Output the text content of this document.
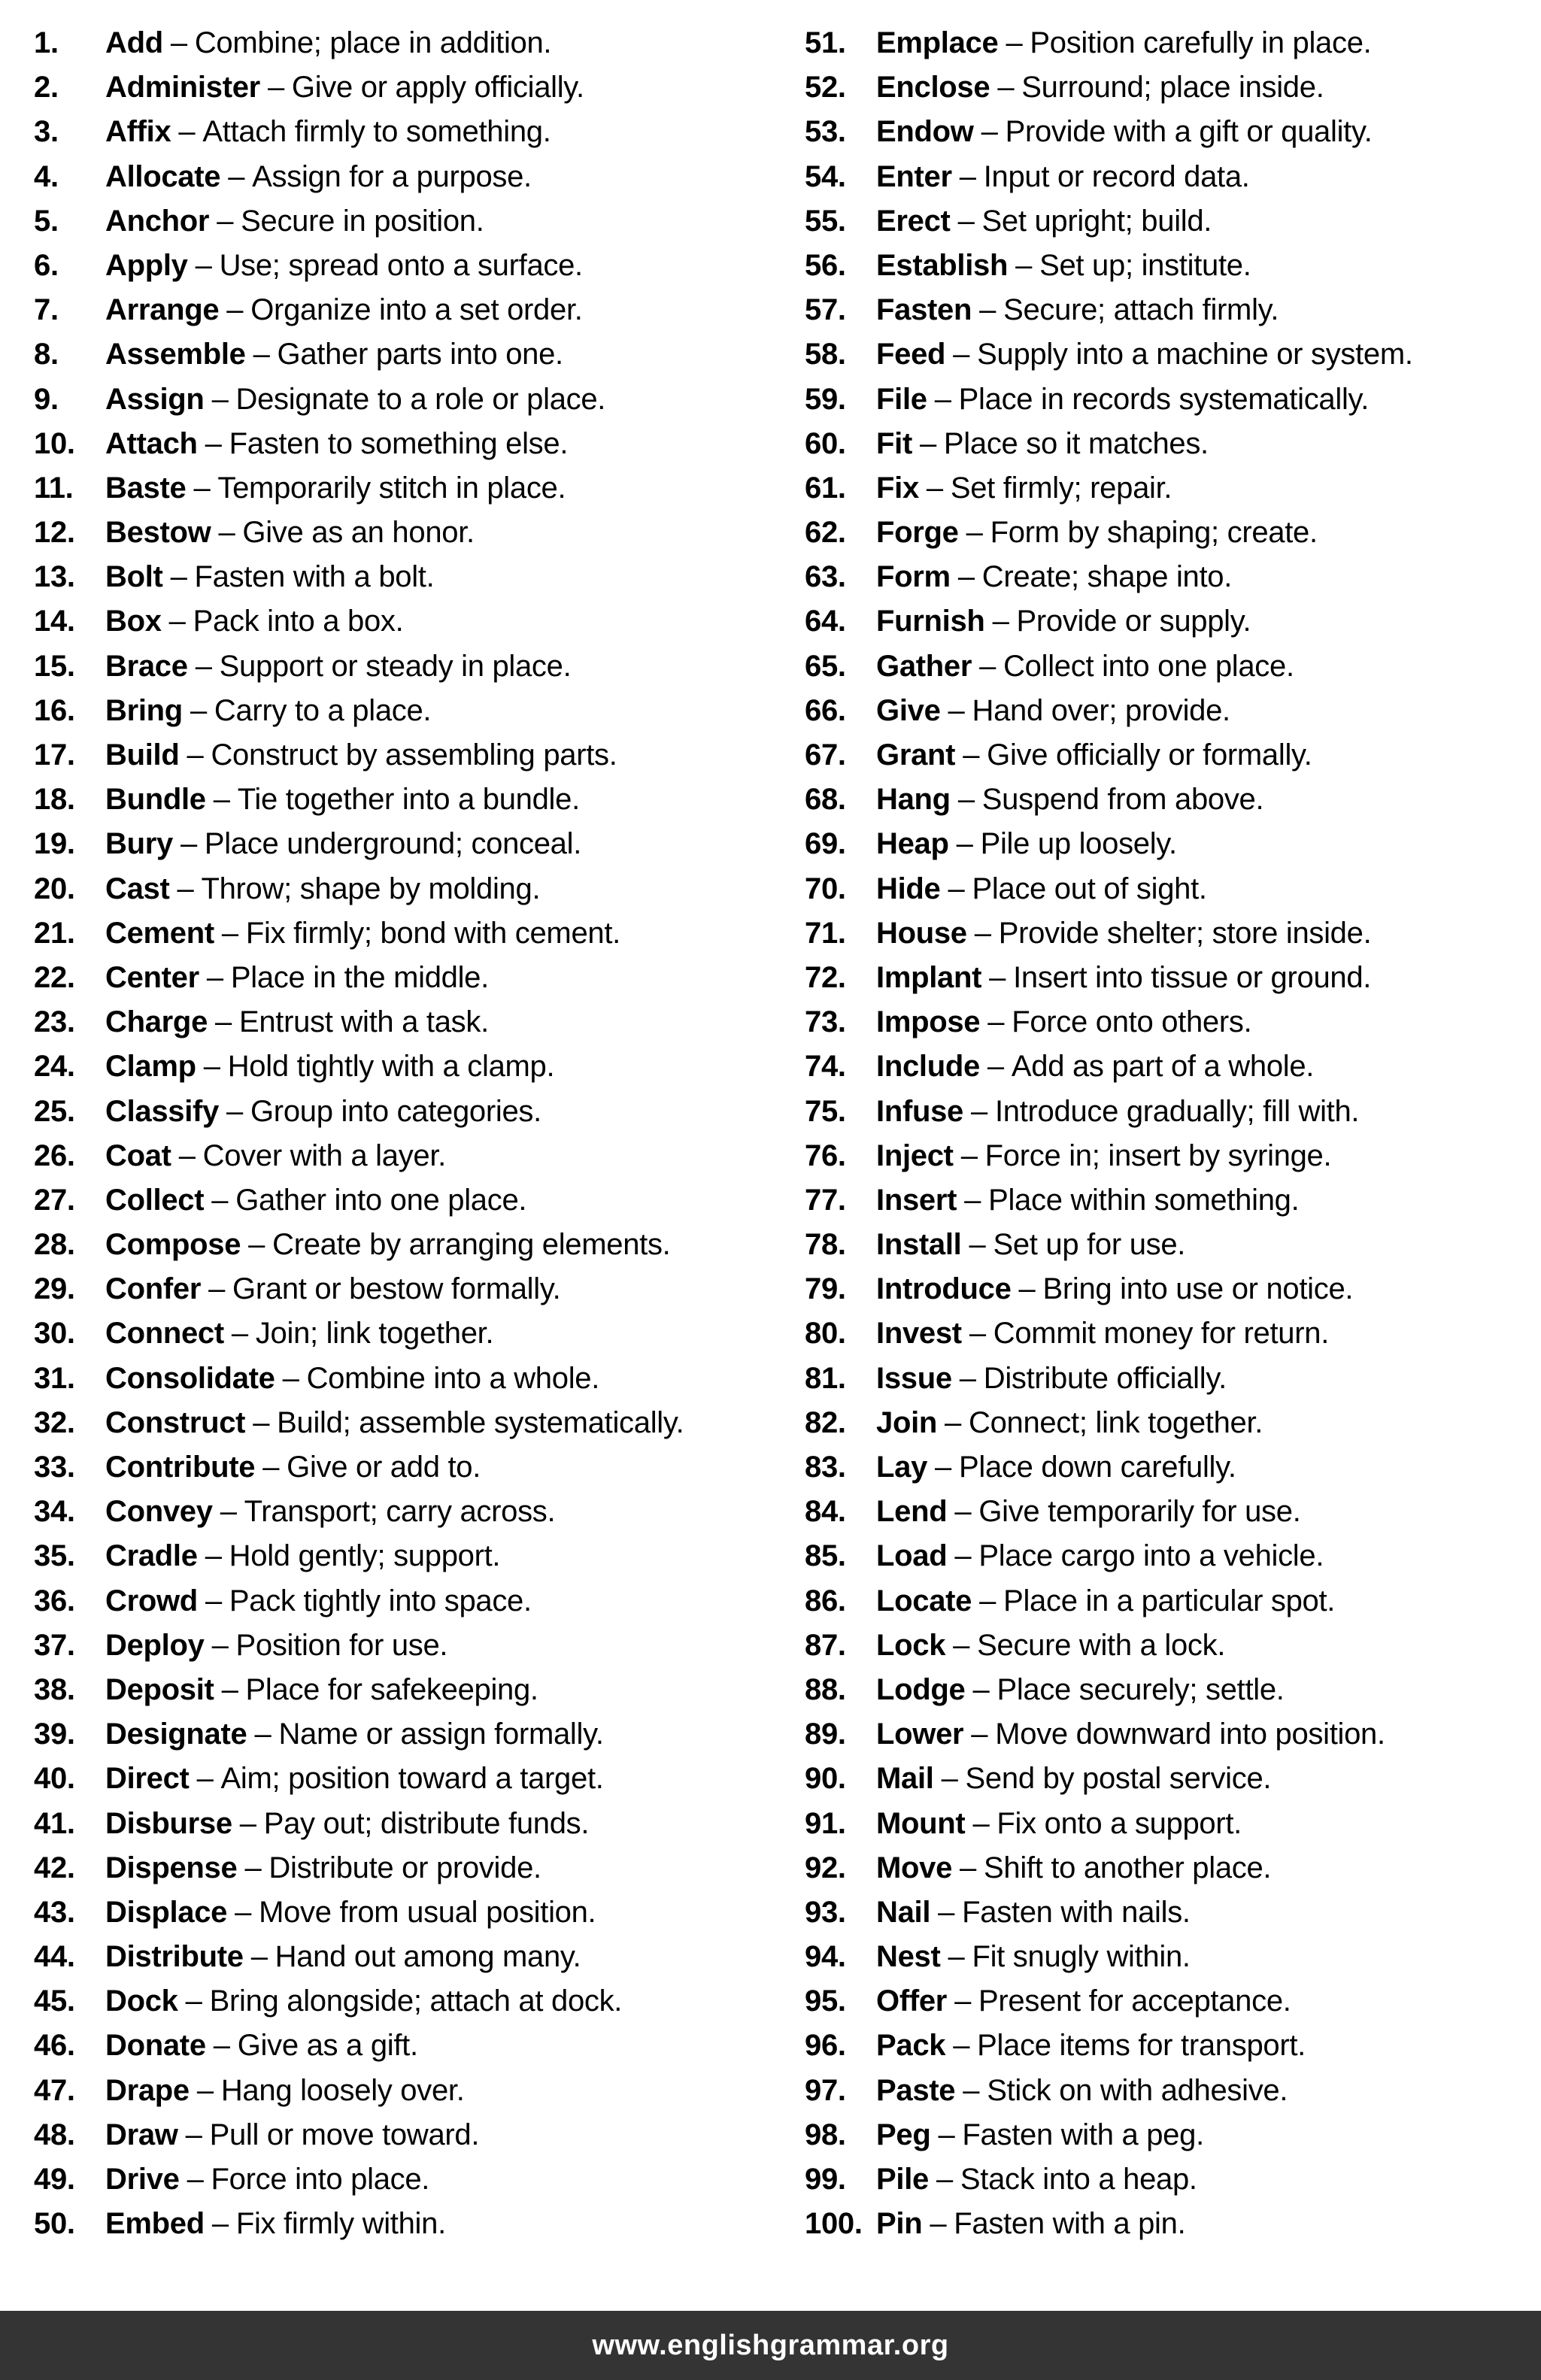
1.	Add – Combine; place in addition.
2.	Administer – Give or apply officially.
3.	Affix – Attach firmly to something.
4.	Allocate – Assign for a purpose.
5.	Anchor – Secure in position.
6.	Apply – Use; spread onto a surface.
7.	Arrange – Organize into a set order.
8.	Assemble – Gather parts into one.
9.	Assign – Designate to a role or place.
10.	Attach – Fasten to something else.
11.	Baste – Temporarily stitch in place.
12.	Bestow – Give as an honor.
13.	Bolt – Fasten with a bolt.
14.	Box – Pack into a box.
15.	Brace – Support or steady in place.
16.	Bring – Carry to a place.
17.	Build – Construct by assembling parts.
18.	Bundle – Tie together into a bundle.
19.	Bury – Place underground; conceal.
20.	Cast – Throw; shape by molding.
21.	Cement – Fix firmly; bond with cement.
22.	Center – Place in the middle.
23.	Charge – Entrust with a task.
24.	Clamp – Hold tightly with a clamp.
25.	Classify – Group into categories.
26.	Coat – Cover with a layer.
27.	Collect – Gather into one place.
28.	Compose – Create by arranging elements.
29.	Confer – Grant or bestow formally.
30.	Connect – Join; link together.
31.	Consolidate – Combine into a whole.
32.	Construct – Build; assemble systematically.
33.	Contribute – Give or add to.
34.	Convey – Transport; carry across.
35.	Cradle – Hold gently; support.
36.	Crowd – Pack tightly into space.
37.	Deploy – Position for use.
38.	Deposit – Place for safekeeping.
39.	Designate – Name or assign formally.
40.	Direct – Aim; position toward a target.
41.	Disburse – Pay out; distribute funds.
42.	Dispense – Distribute or provide.
43.	Displace – Move from usual position.
44.	Distribute – Hand out among many.
45.	Dock – Bring alongside; attach at dock.
46.	Donate – Give as a gift.
47.	Drape – Hang loosely over.
48.	Draw – Pull or move toward.
49.	Drive – Force into place.
50.	Embed – Fix firmly within.
51.	Emplace – Position carefully in place.
52.	Enclose – Surround; place inside.
53.	Endow – Provide with a gift or quality.
54.	Enter – Input or record data.
55.	Erect – Set upright; build.
56.	Establish – Set up; institute.
57.	Fasten – Secure; attach firmly.
58.	Feed – Supply into a machine or system.
59.	File – Place in records systematically.
60.	Fit – Place so it matches.
61.	Fix – Set firmly; repair.
62.	Forge – Form by shaping; create.
63.	Form – Create; shape into.
64.	Furnish – Provide or supply.
65.	Gather – Collect into one place.
66.	Give – Hand over; provide.
67.	Grant – Give officially or formally.
68.	Hang – Suspend from above.
69.	Heap – Pile up loosely.
70.	Hide – Place out of sight.
71.	House – Provide shelter; store inside.
72.	Implant – Insert into tissue or ground.
73.	Impose – Force onto others.
74.	Include – Add as part of a whole.
75.	Infuse – Introduce gradually; fill with.
76.	Inject – Force in; insert by syringe.
77.	Insert – Place within something.
78.	Install – Set up for use.
79.	Introduce – Bring into use or notice.
80.	Invest – Commit money for return.
81.	Issue – Distribute officially.
82.	Join – Connect; link together.
83.	Lay – Place down carefully.
84.	Lend – Give temporarily for use.
85.	Load – Place cargo into a vehicle.
86.	Locate – Place in a particular spot.
87.	Lock – Secure with a lock.
88.	Lodge – Place securely; settle.
89.	Lower – Move downward into position.
90.	Mail – Send by postal service.
91.	Mount – Fix onto a support.
92.	Move – Shift to another place.
93.	Nail – Fasten with nails.
94.	Nest – Fit snugly within.
95.	Offer – Present for acceptance.
96.	Pack – Place items for transport.
97.	Paste – Stick on with adhesive.
98.	Peg – Fasten with a peg.
99.	Pile – Stack into a heap.
100. Pin – Fasten with a pin.
www.englishgrammar.org
